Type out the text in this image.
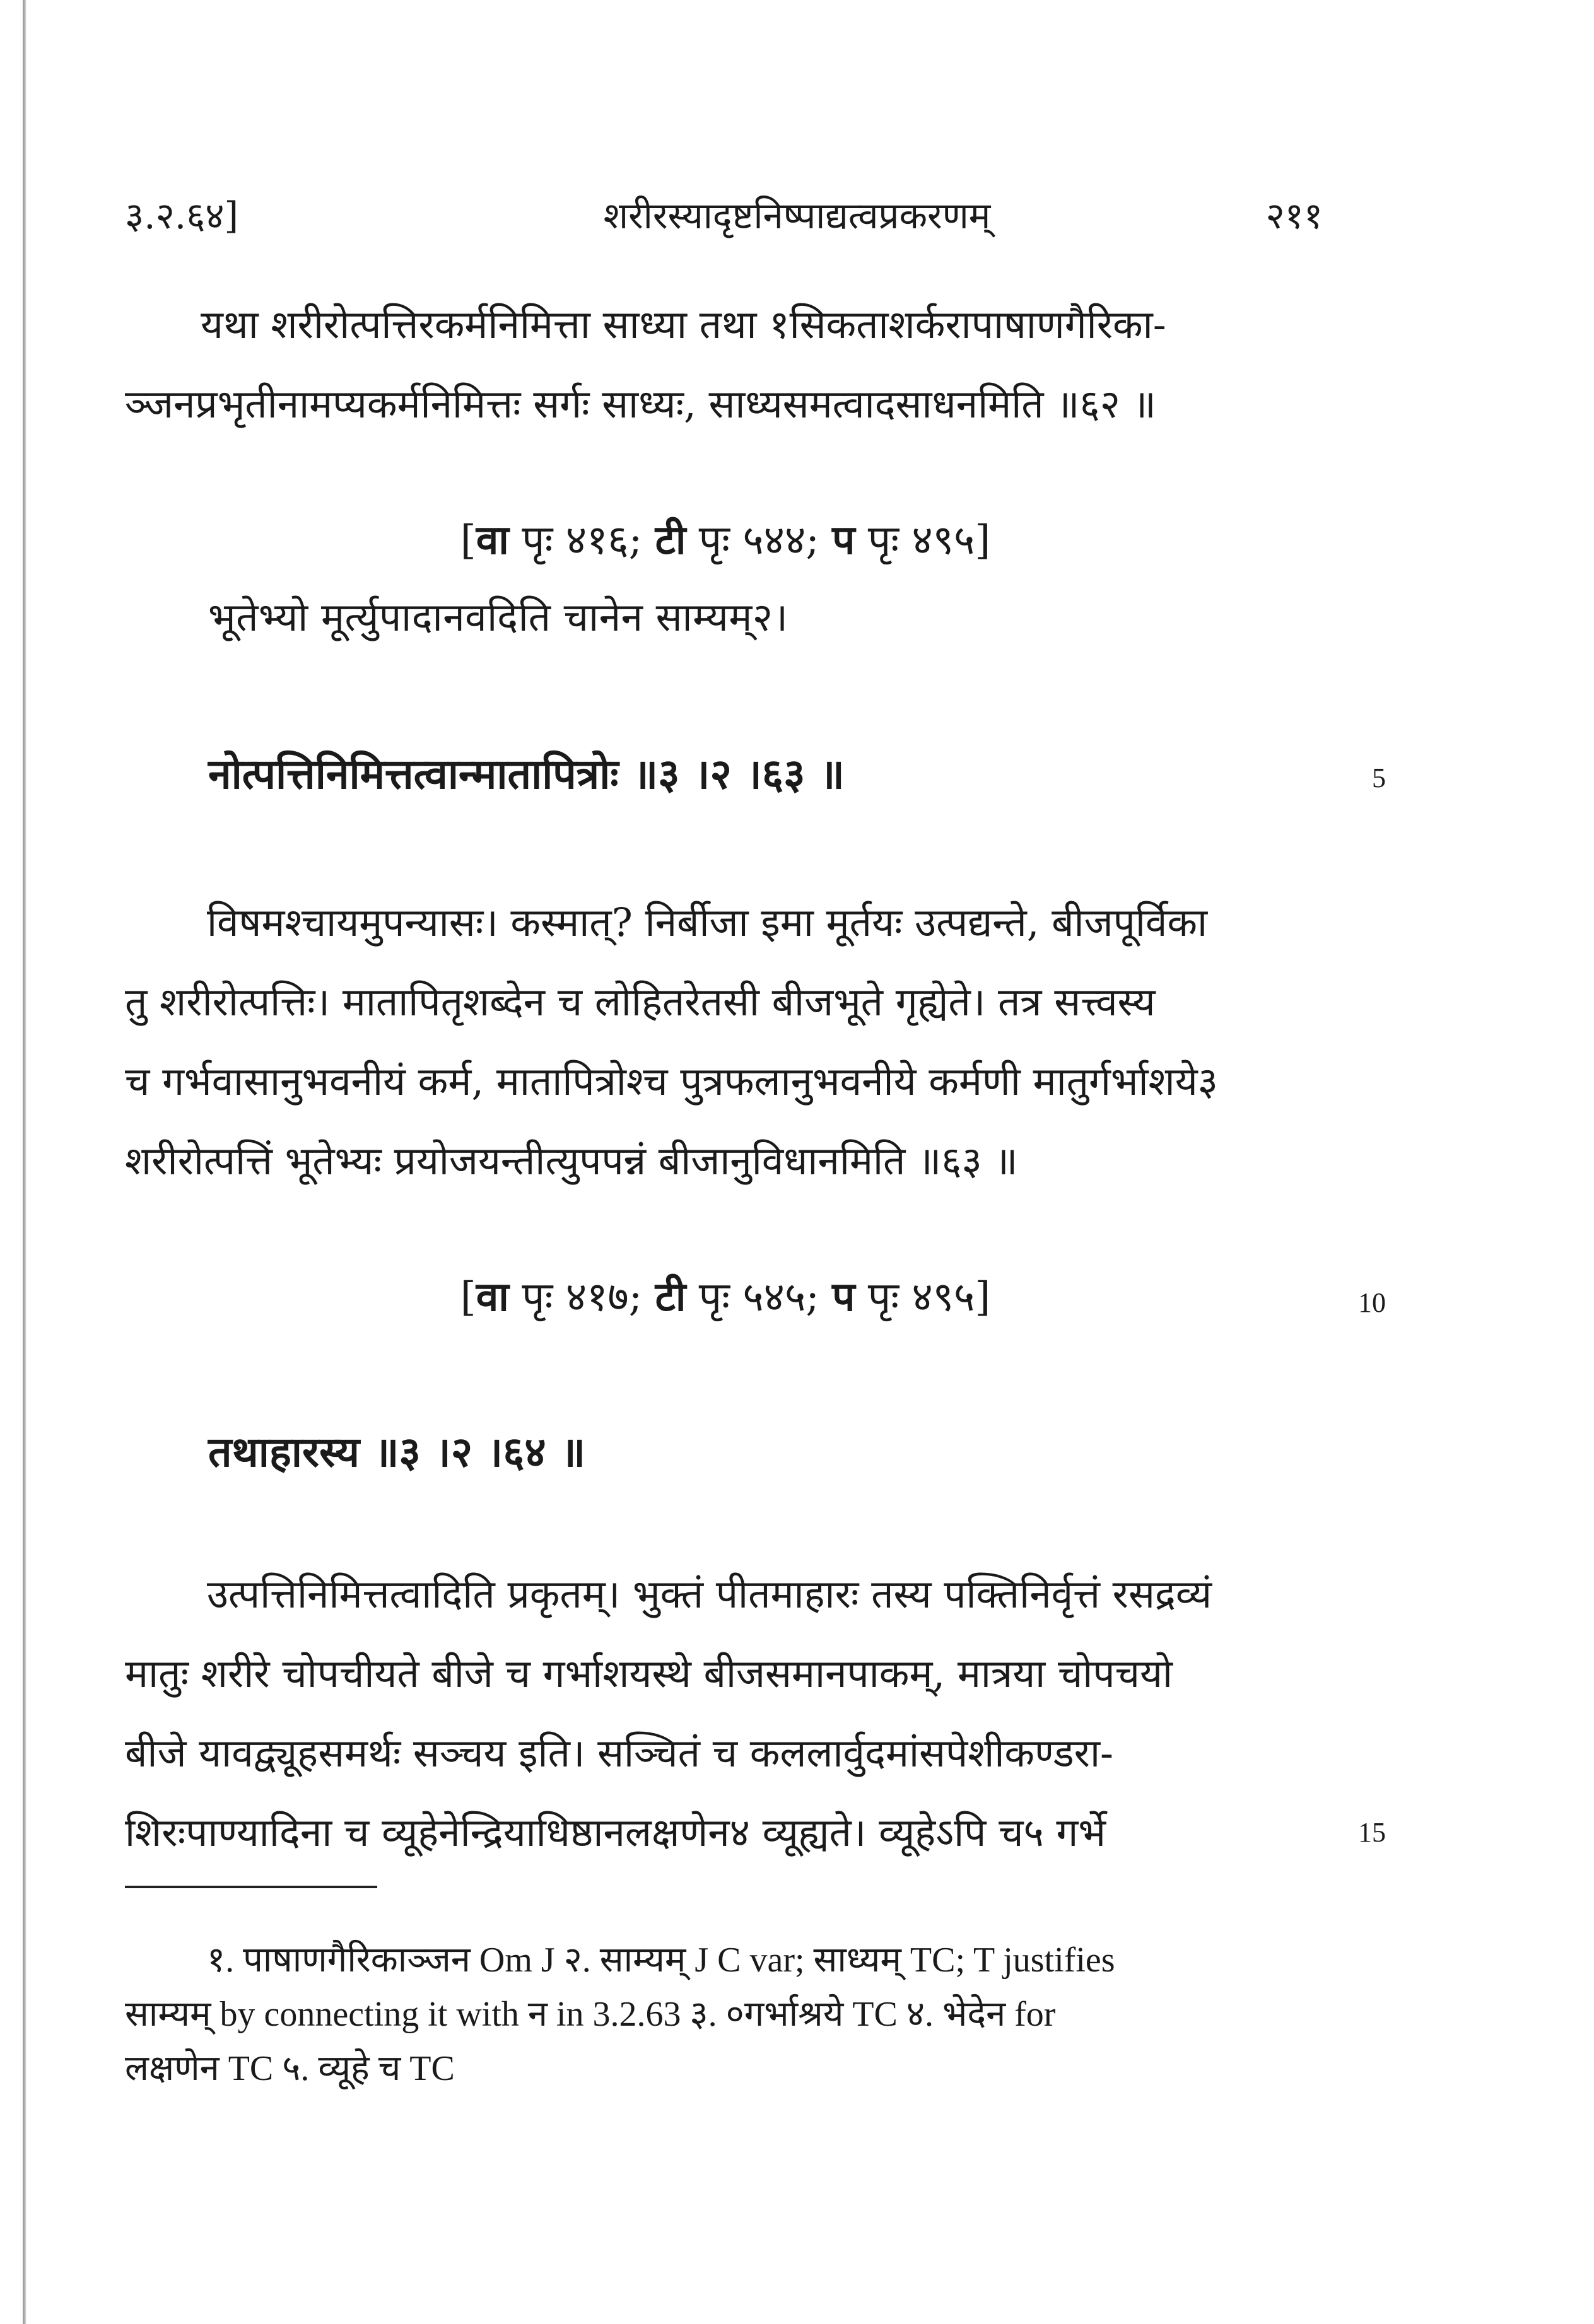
३.२.६४]	शरीरस्यादृष्टनिष्पाद्यत्वप्रकरणम्	२११
यथा शरीरोत्पत्तिरकर्मनिमित्ता साध्या तथा १सिकताशर्करापाषाणगैरिका-
ञ्जनप्रभृतीनामप्यकर्मनिमित्तः सर्गः साध्यः, साध्यसमत्वादसाधनमिति ॥६२ ॥
[वा पृः ४१६; टी पृः ५४४; प पृः ४९५]
भूतेभ्यो मूर्त्युपादानवदिति चानेन साम्यम्२।
नोत्पत्तिनिमित्तत्वान्मातापित्रोः ॥३ ।२ ।६३ ॥	5
विषमश्चायमुपन्यासः। कस्मात्? निर्बीजा इमा मूर्तयः उत्पद्यन्ते, बीजपूर्विका
तु शरीरोत्पत्तिः। मातापितृशब्देन च लोहितरेतसी बीजभूते गृह्येते। तत्र सत्त्वस्य
च गर्भवासानुभवनीयं कर्म, मातापित्रोश्च पुत्रफलानुभवनीये कर्मणी मातुर्गर्भाशये३
शरीरोत्पत्तिं भूतेभ्यः प्रयोजयन्तीत्युपपन्नं बीजानुविधानमिति ॥६३ ॥
[वा पृः ४१७; टी पृः ५४५; प पृः ४९५]	10
तथाहारस्य ॥३ ।२ ।६४ ॥
उत्पत्तिनिमित्तत्वादिति प्रकृतम्। भुक्तं पीतमाहारः तस्य पक्तिनिर्वृत्तं रसद्रव्यं
मातुः शरीरे चोपचीयते बीजे च गर्भाशयस्थे बीजसमानपाकम्, मात्रया चोपचयो
बीजे यावद्व्यूहसमर्थः सञ्चय इति। सञ्चितं च कललार्वुदमांसपेशीकण्डरा-
शिरःपाण्यादिना च व्यूहेनेन्द्रियाधिष्ठानलक्षणेन४ व्यूह्यते। व्यूहेऽपि च५ गर्भे	15
१. पाषाणगैरिकाञ्जन Om J २. साम्यम् J C var; साध्यम् TC; T justifies
साम्यम् by connecting it with न in 3.2.63 ३. ०गर्भाश्रये TC ४. भेदेन for
लक्षणेन TC ५. व्यूहे च TC
